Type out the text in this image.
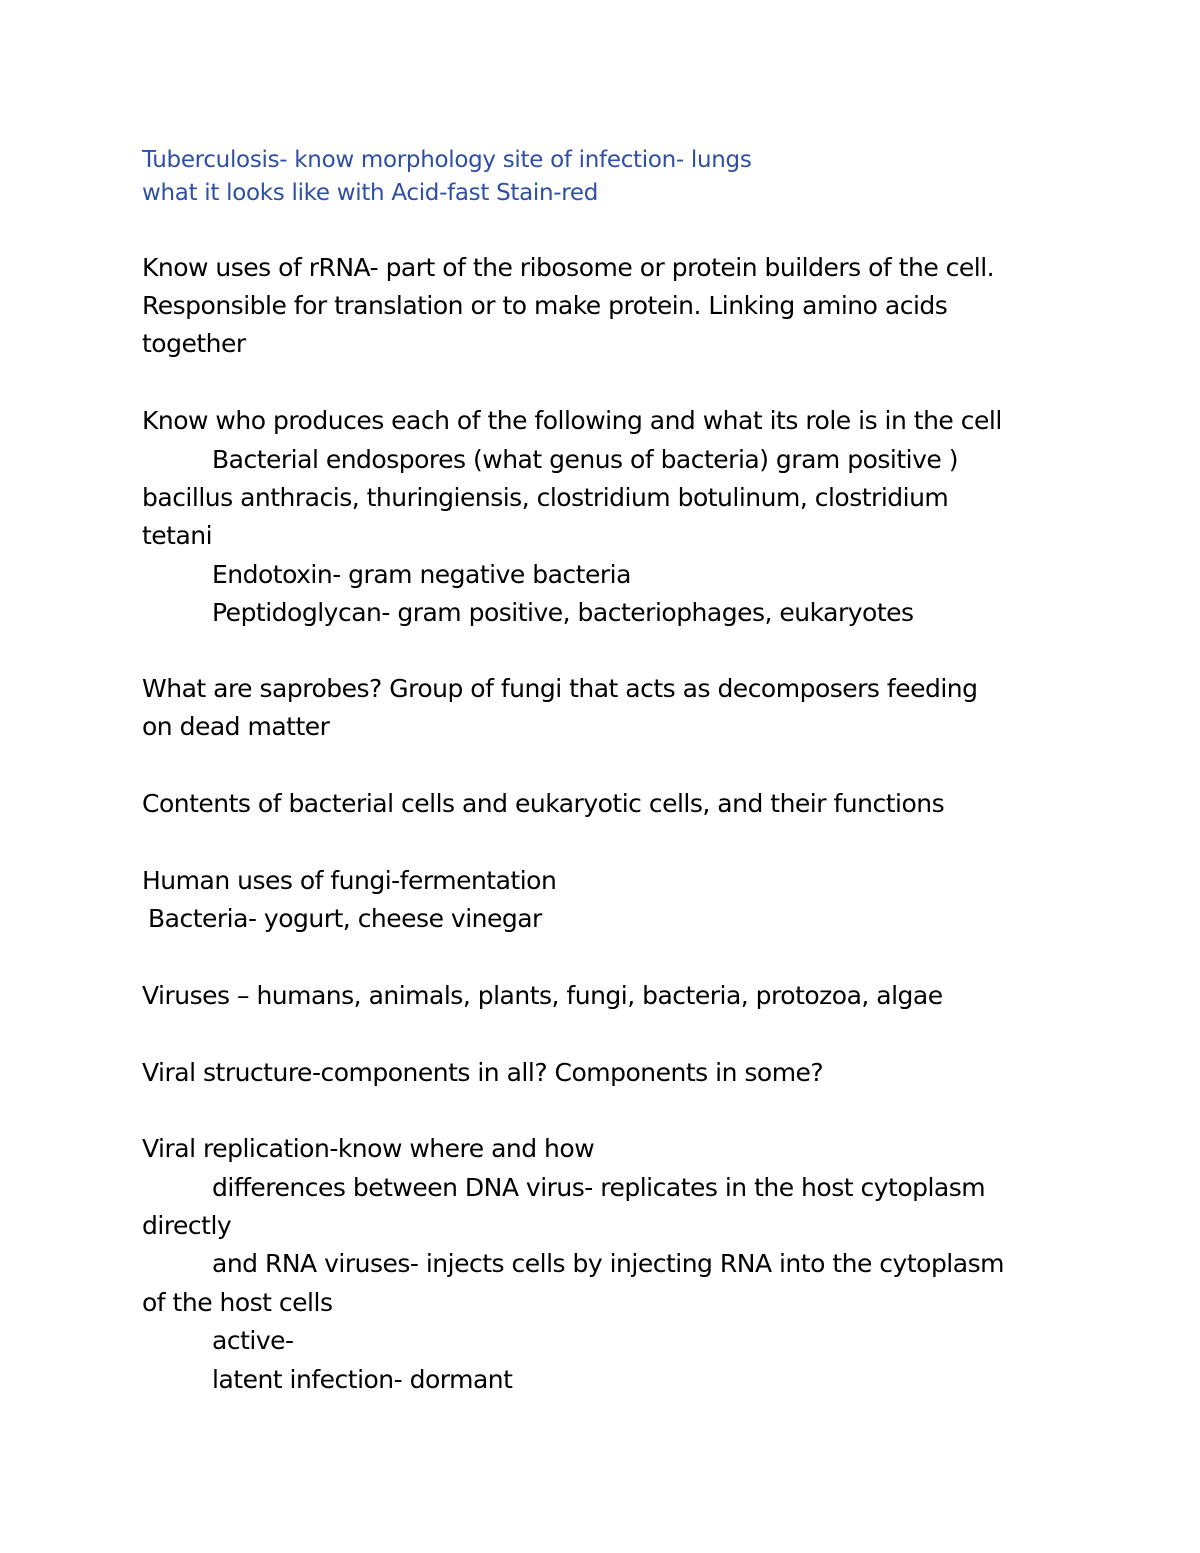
Tuberculosis- know morphology site of infection- lungs
what it looks like with Acid-fast Stain-red
Know uses of rRNA- part of the ribosome or protein builders of the cell.
Responsible for translation or to make protein. Linking amino acids
together
Know who produces each of the following and what its role is in the cell
Bacterial endospores (what genus of bacteria) gram positive )
bacillus anthracis, thuringiensis, clostridium botulinum, clostridium
tetani
Endotoxin- gram negative bacteria
Peptidoglycan- gram positive, bacteriophages, eukaryotes
What are saprobes? Group of fungi that acts as decomposers feeding
on dead matter
Contents of bacterial cells and eukaryotic cells, and their functions
Human uses of fungi-fermentation
Bacteria- yogurt, cheese vinegar
Viruses – humans, animals, plants, fungi, bacteria, protozoa, algae
Viral structure-components in all? Components in some?
Viral replication-know where and how
differences between DNA virus- replicates in the host cytoplasm
directly
and RNA viruses- injects cells by injecting RNA into the cytoplasm
of the host cells
active-
latent infection- dormant
